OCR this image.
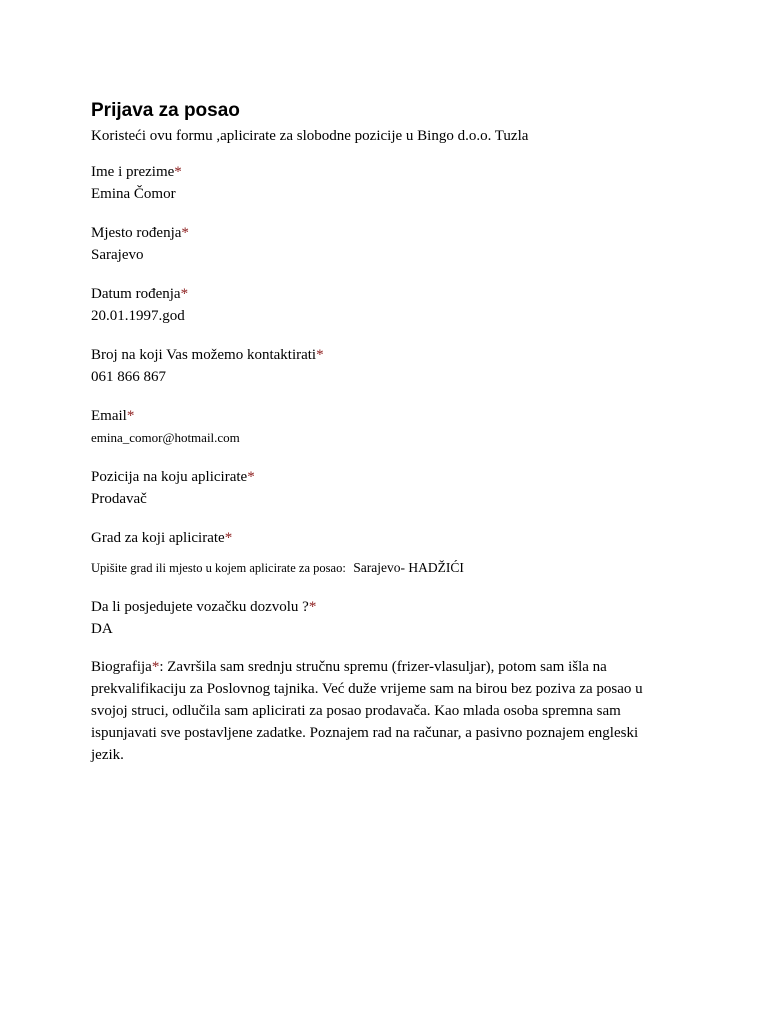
Prijava za posao

Koristeći ovu formu ,aplicirate za slobodne pozicije u Bingo d.o.o. Tuzla

Ime i prezime*
Emina Čomor
Mjesto rođenja*
Sarajevo
Datum rođenja*
20.01.1997.god
Broj na koji Vas možemo kontaktirati*
061 866 867
Email*
emina_comor@hotmail.com
Pozicija na koju aplicirate*
Prodavač
Grad za koji aplicirate*
Upišite grad ili mjesto u kojem aplicirate za posao: Sarajevo- HADŽIĆI
Da li posjedujete vozačku dozvolu ?*
DA

Biografija*: Završila sam srednju stručnu spremu (frizer-vlasuljar), potom sam išla na prekvalifikaciju za Poslovnog tajnika. Već duže vrijeme sam na birou bez poziva za posao u svojoj struci, odlučila sam aplicirati za posao prodavača. Kao mlada osoba spremna sam ispunjavati sve postavljene zadatke. Poznajem rad na računar, a pasivno poznajem engleski jezik.
